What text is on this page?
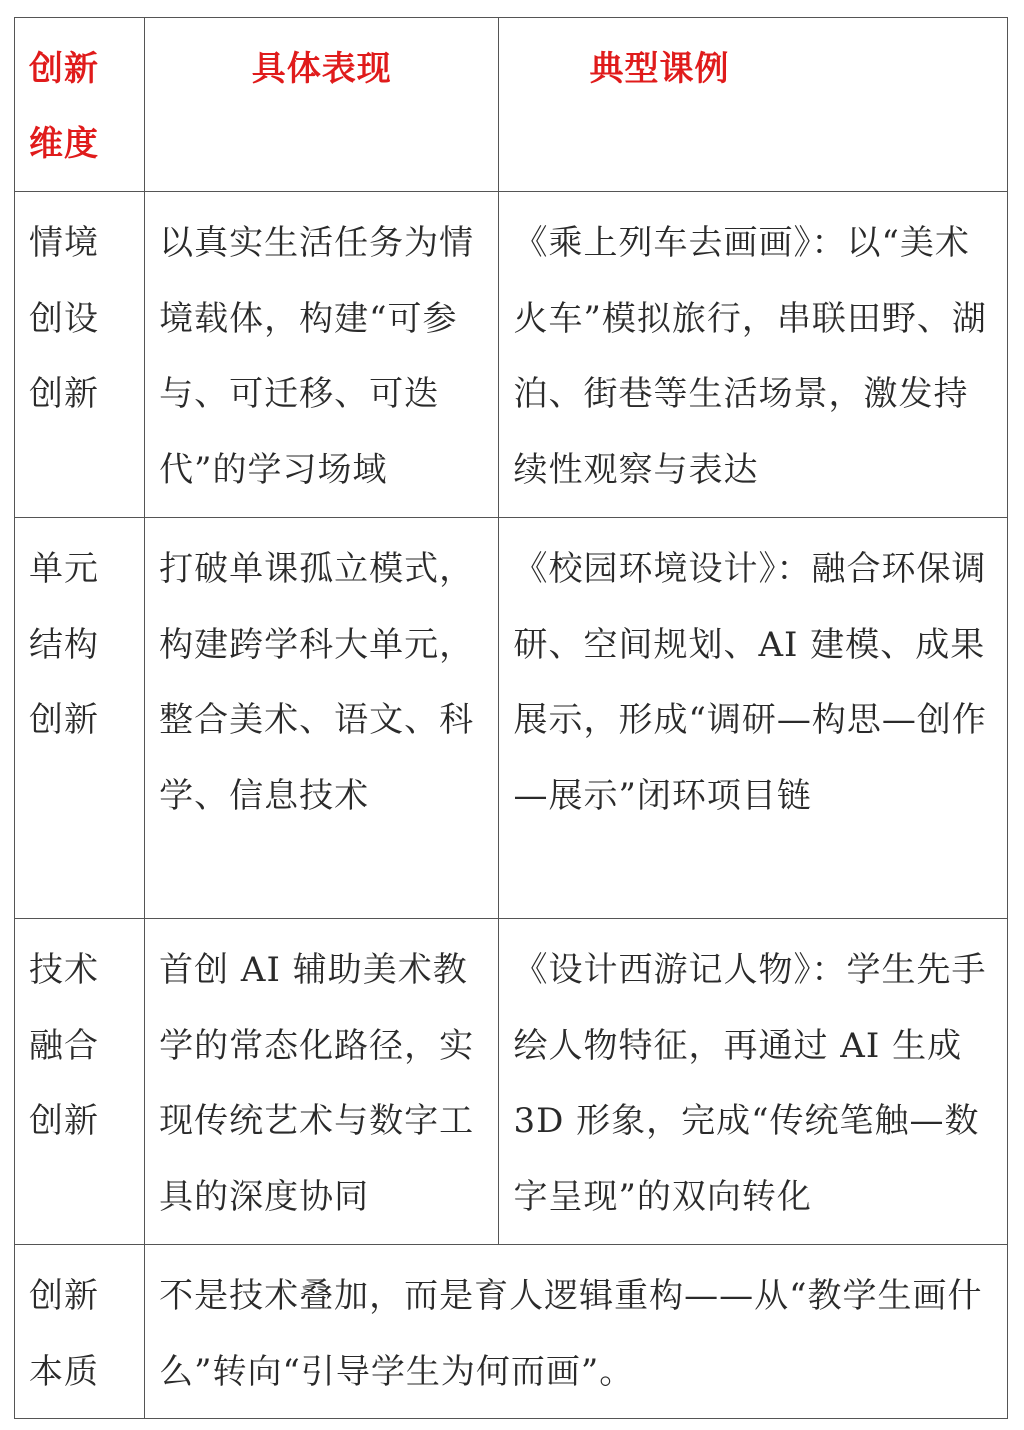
创新维度	具体表现	典型课例

情境创设创新	以真实生活任务为情境载体，构建“可参与、可迁移、可迭代”的学习场域	《乘上列车去画画》：以“美术火车”模拟旅行，串联田野、湖泊、街巷等生活场景，激发持续性观察与表达

单元结构创新	打破单课孤立模式，构建跨学科大单元，整合美术、语文、科学、信息技术	《校园环境设计》：融合环保调研、空间规划、AI 建模、成果展示，形成“调研—构思—创作—展示”闭环项目链

技术融合创新	首创 AI 辅助美术教学的常态化路径，实现传统艺术与数字工具的深度协同	《设计西游记人物》：学生先手绘人物特征，再通过 AI 生成 3D 形象，完成“传统笔触—数字呈现”的双向转化

创新本质	不是技术叠加，而是育人逻辑重构——从“教学生画什么”转向“引导学生为何而画”。	
